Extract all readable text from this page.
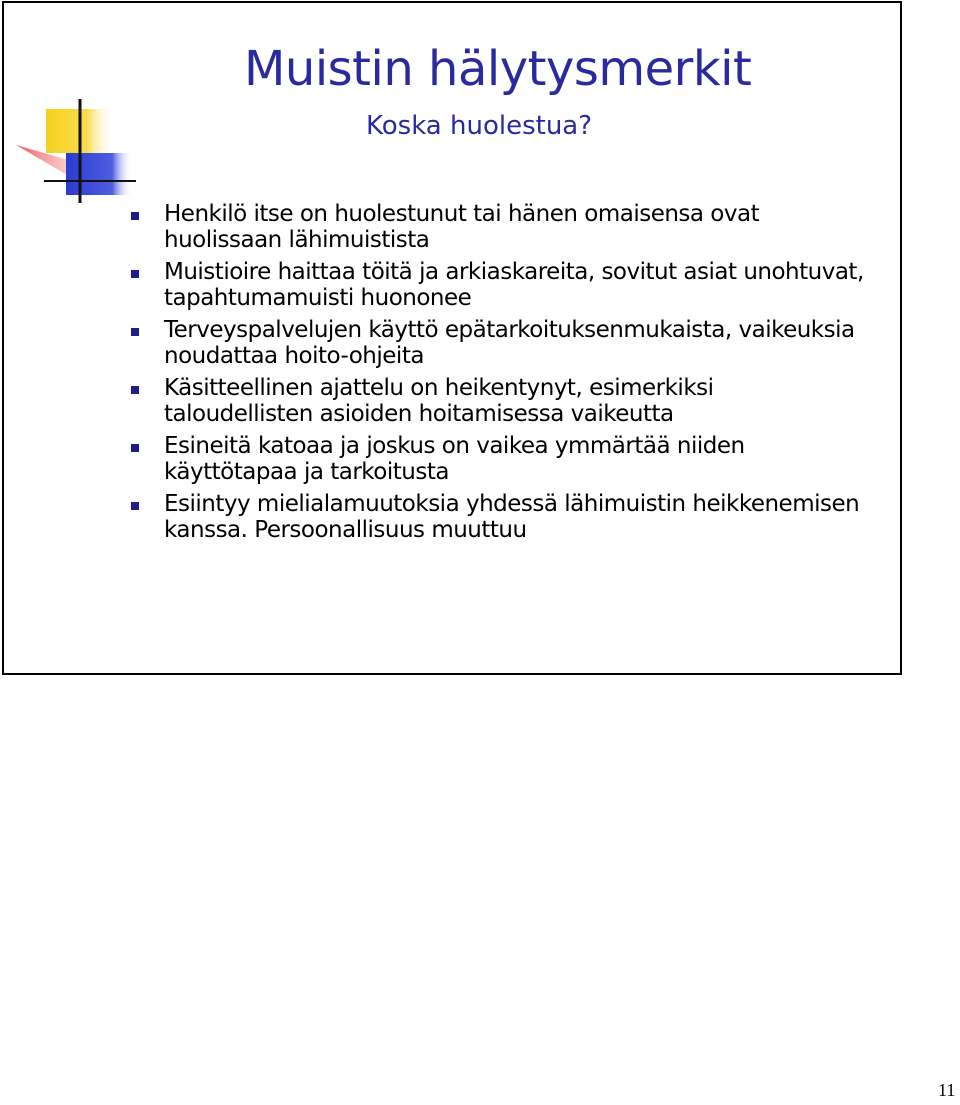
Muistin hälytysmerkit
Koska huolestua?
Henkilö itse on huolestunut tai hänen omaisensa ovat huolissaan lähimuistista
Muistioire haittaa töitä ja arkiaskareita, sovitut asiat unohtuvat, tapahtumamuisti huononee
Terveyspalvelujen käyttö epätarkoituksenmukaista, vaikeuksia noudattaa hoito-ohjeita
Käsitteellinen ajattelu on heikentynyt, esimerkiksi taloudellisten asioiden hoitamisessa vaikeutta
Esineitä katoaa ja joskus on vaikea ymmärtää niiden käyttötapaa ja tarkoitusta
Esiintyy mielialamuutoksia yhdessä lähimuistin heikkenemisen kanssa. Persoonallisuus muuttuu
11
